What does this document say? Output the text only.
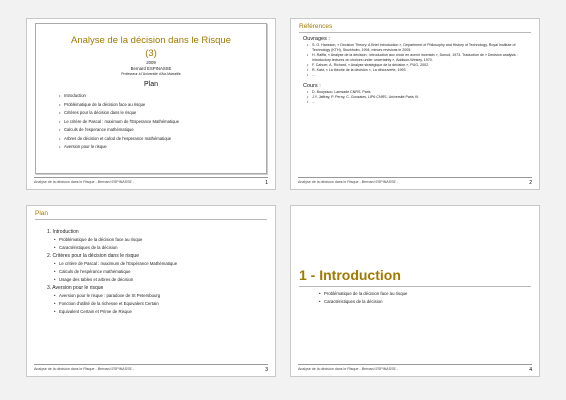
Analyse de la décision dans le Risque
(3)
2009
Bernard ESPINASSE
Professeur à l'Université d'Aix-Marseille
Plan
• Introduction
• Problématique de la décision face au risque
• Critères pour la décision dans le risque
• Le critère de Pascal : maximum de l'Esperance Mathématique
• Calculs de l'esperance mathématique
• Arbres de décision et calcul de l'esperance mathématique
• Aversion pour le risque
Analyse de la décision dans le Risque - Bernard ESPINASSE -	1
Références
Ouvrages :
• S. O. Hansson, « Decision Theory: A Brief Introduction », Department of Philosophy and History of Technology, Royal Institute of Technology (KTH), Stockholm, 1994, minors revisions in 2005.
• H. Raiffa, « Analyse de la décision : introduction aux choix en avenir incertain », Dunod, 1973. Traduction de « Decision analysis : introductory lectures on choices under uncertainty », Addison-Wesley, 1970.
• F. Cahuer, A. Richard, « Analyse stratégique de la décision », PUG, 2002.
• R. Kast, « La théorie de la décision », La découverte, 1993.
• ...
Cours :
• D. Bouyssou, Lamsade CNRS, Paris
• J.Y. Jaffray, P. Perny, C. Gonzales, LIP6 CNRS, Université Paris VI.
• ...
Analyse de la décision dans le Risque - Bernard ESPINASSE -	2
Plan
1. Introduction
• Problématique de la décision face au risque
• Caractéristiques de la décision
2. Critères pour la décision dans le risque
• Le critère de Pascal : maximum de l'Espérance Mathématique
• Calculs de l'espérance mathématique
• Usage des tables et arbres de décision
3. Aversion pour le risque
• Aversion pour le risque : paradoxe de St Petersbourg
• Fonction d'utilité de la richesse et Equivalent Certain
• Equivalent Certain et Prime de Risque
Analyse de la décision dans le Risque - Bernard ESPINASSE -	3
1 - Introduction
• Problématique de la décision face au risque
• Caractéristiques de la décision
Analyse de la décision dans le Risque - Bernard ESPINASSE -	4
